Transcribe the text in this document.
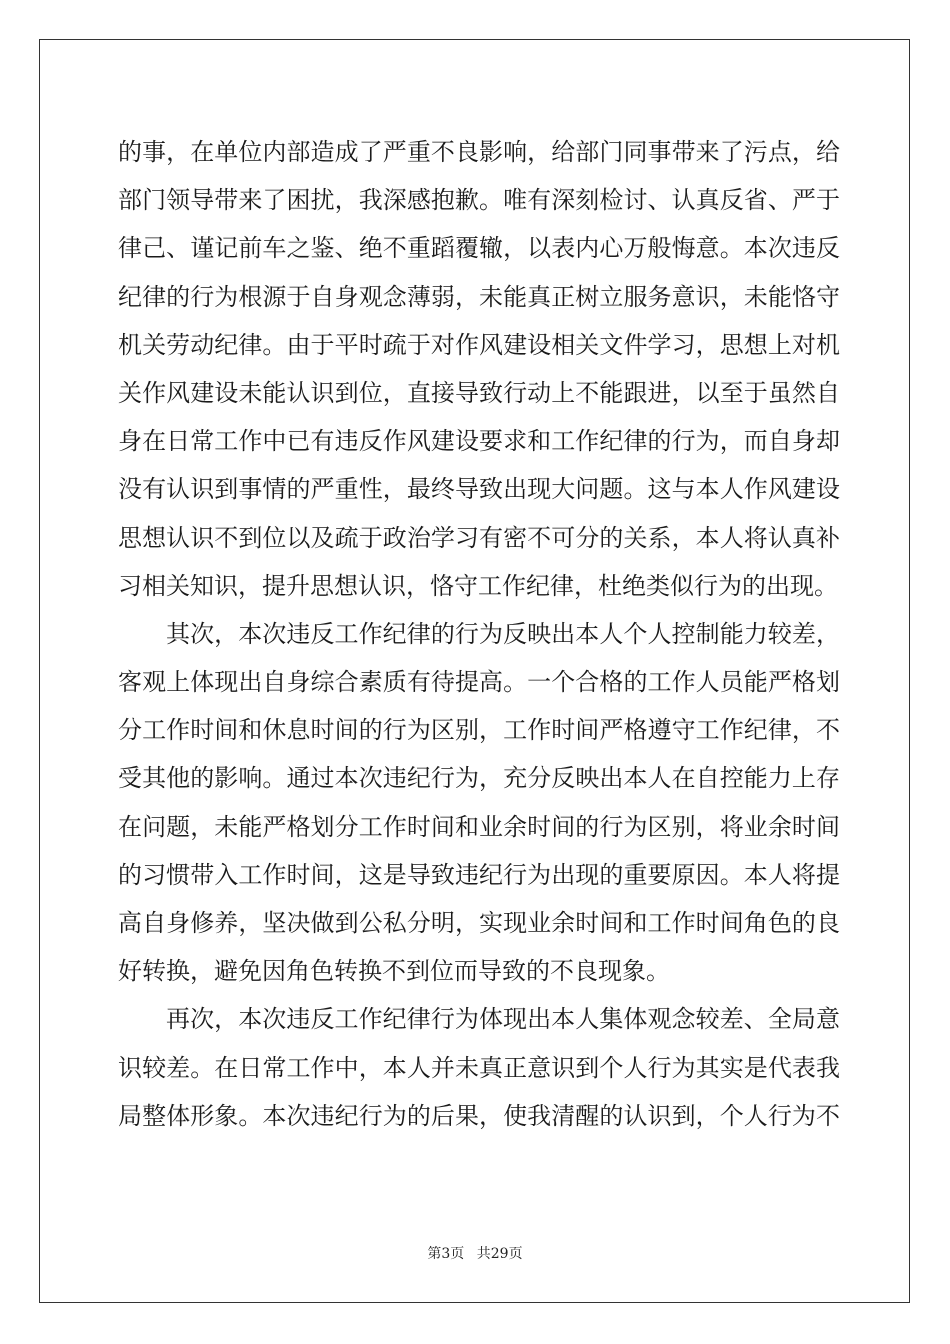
的事，在单位内部造成了严重不良影响，给部门同事带来了污点，给
部门领导带来了困扰，我深感抱歉。唯有深刻检讨、认真反省、严于
律己、谨记前车之鉴、绝不重蹈覆辙，以表内心万般悔意。本次违反
纪律的行为根源于自身观念薄弱，未能真正树立服务意识，未能恪守
机关劳动纪律。由于平时疏于对作风建设相关文件学习，思想上对机
关作风建设未能认识到位，直接导致行动上不能跟进，以至于虽然自
身在日常工作中已有违反作风建设要求和工作纪律的行为，而自身却
没有认识到事情的严重性，最终导致出现大问题。这与本人作风建设
思想认识不到位以及疏于政治学习有密不可分的关系，本人将认真补
习相关知识，提升思想认识，恪守工作纪律，杜绝类似行为的出现。
其次，本次违反工作纪律的行为反映出本人个人控制能力较差，
客观上体现出自身综合素质有待提高。一个合格的工作人员能严格划
分工作时间和休息时间的行为区别，工作时间严格遵守工作纪律，不
受其他的影响。通过本次违纪行为，充分反映出本人在自控能力上存
在问题，未能严格划分工作时间和业余时间的行为区别，将业余时间
的习惯带入工作时间，这是导致违纪行为出现的重要原因。本人将提
高自身修养，坚决做到公私分明，实现业余时间和工作时间角色的良
好转换，避免因角色转换不到位而导致的不良现象。
再次，本次违反工作纪律行为体现出本人集体观念较差、全局意
识较差。在日常工作中，本人并未真正意识到个人行为其实是代表我
局整体形象。本次违纪行为的后果，使我清醒的认识到，个人行为不
第3页 共29页
